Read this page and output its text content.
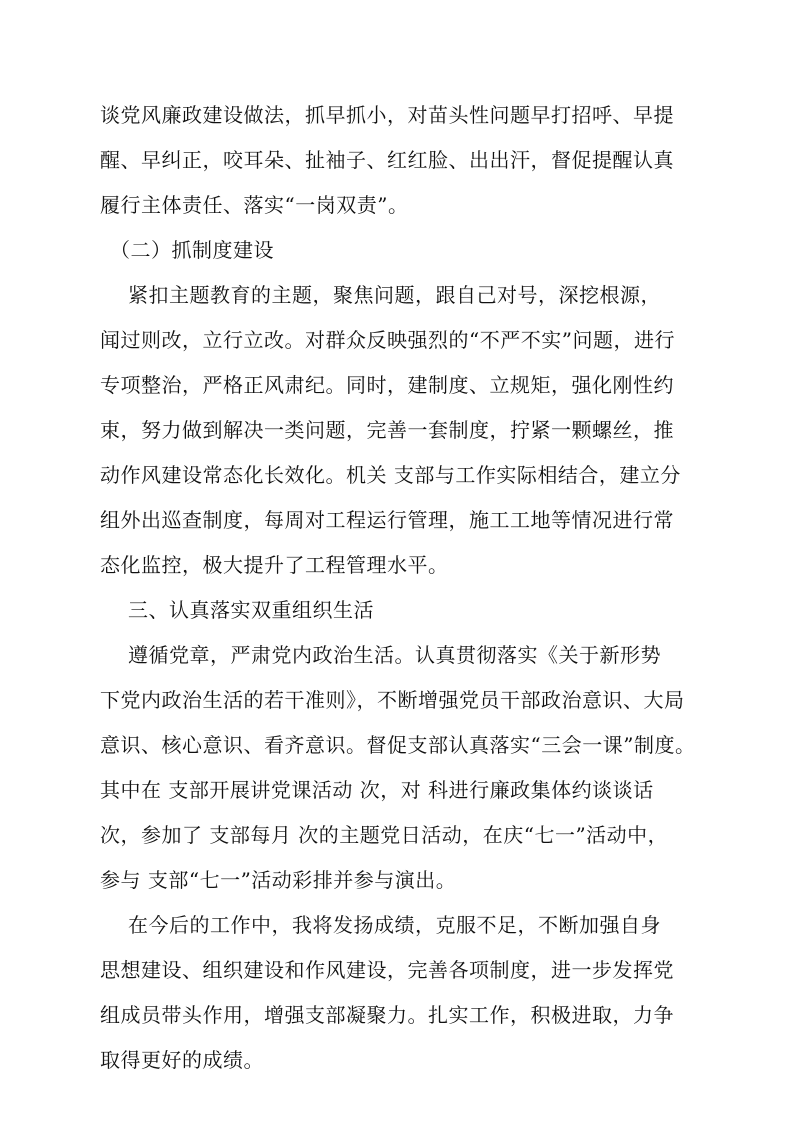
谈党风廉政建设做法，抓早抓小，对苗头性问题早打招呼、早提
醒、早纠正，咬耳朵、扯袖子、红红脸、出出汗，督促提醒认真
履行主体责任、落实“一岗双责”。
（二）抓制度建设
紧扣主题教育的主题，聚焦问题，跟自己对号，深挖根源，
闻过则改，立行立改。对群众反映强烈的“不严不实”问题，进行
专项整治，严格正风肃纪。同时，建制度、立规矩，强化刚性约
束，努力做到解决一类问题，完善一套制度，拧紧一颗螺丝，推
动作风建设常态化长效化。机关 支部与工作实际相结合，建立分
组外出巡查制度，每周对工程运行管理，施工工地等情况进行常
态化监控，极大提升了工程管理水平。
三、认真落实双重组织生活
遵循党章，严肃党内政治生活。认真贯彻落实《关于新形势
下党内政治生活的若干准则》，不断增强党员干部政治意识、大局
意识、核心意识、看齐意识。督促支部认真落实“三会一课”制度。
其中在 支部开展讲党课活动 次，对 科进行廉政集体约谈谈话
次，参加了 支部每月 次的主题党日活动，在庆“七一”活动中，
参与 支部“七一”活动彩排并参与演出。
在今后的工作中，我将发扬成绩，克服不足，不断加强自身
思想建设、组织建设和作风建设，完善各项制度，进一步发挥党
组成员带头作用，增强支部凝聚力。扎实工作，积极进取，力争
取得更好的成绩。
